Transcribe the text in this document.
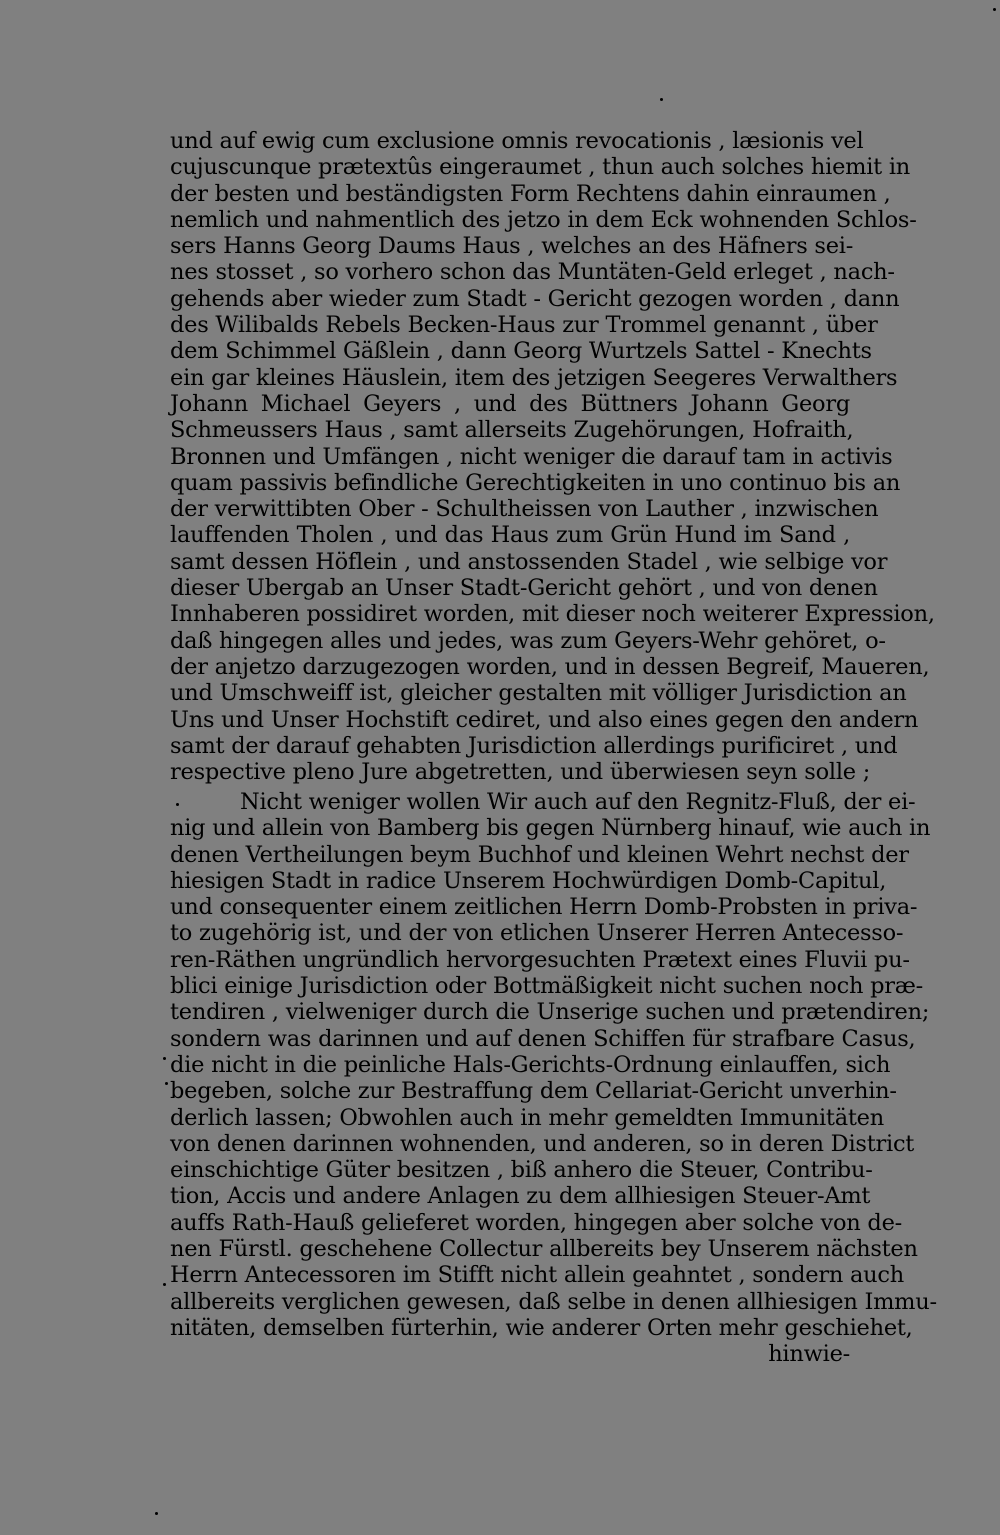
und auf ewig cum exclusione omnis revocationis , læsionis vel
cujuscunque prætextûs eingeraumet , thun auch solches hiemit in
der besten und beständigsten Form Rechtens dahin einraumen ,
nemlich und nahmentlich des jetzo in dem Eck wohnenden Schlos-
sers Hanns Georg Daums Haus , welches an des Häfners sei-
nes stosset , so vorhero schon das Muntäten-Geld erleget , nach-
gehends aber wieder zum Stadt - Gericht gezogen worden , dann
des Wilibalds Rebels Becken-Haus zur Trommel genannt , über
dem Schimmel Gäßlein , dann Georg Wurtzels Sattel - Knechts
ein gar kleines Häuslein, item des jetzigen Seegeres Verwalthers
Johann Michael Geyers , und des Büttners Johann Georg
Schmeussers Haus , samt allerseits Zugehörungen, Hofraith,
Bronnen und Umfängen , nicht weniger die darauf tam in activis
quam passivis befindliche Gerechtigkeiten in uno continuo bis an
der verwittibten Ober - Schultheissen von Lauther , inzwischen
lauffenden Tholen , und das Haus zum Grün Hund im Sand ,
samt dessen Höflein , und anstossenden Stadel , wie selbige vor
dieser Ubergab an Unser Stadt-Gericht gehört , und von denen
Innhaberen possidiret worden, mit dieser noch weiterer Expression,
daß hingegen alles und jedes, was zum Geyers-Wehr gehöret, o-
der anjetzo darzugezogen worden, und in dessen Begreif, Maueren,
und Umschweiff ist, gleicher gestalten mit völliger Jurisdiction an
Uns und Unser Hochstift cediret, und also eines gegen den andern
samt der darauf gehabten Jurisdiction allerdings purificiret , und
respective pleno Jure abgetretten, und überwiesen seyn solle ;
Nicht weniger wollen Wir auch auf den Regnitz-Fluß, der ei-
nig und allein von Bamberg bis gegen Nürnberg hinauf, wie auch in
denen Vertheilungen beym Buchhof und kleinen Wehrt nechst der
hiesigen Stadt in radice Unserem Hochwürdigen Domb-Capitul,
und consequenter einem zeitlichen Herrn Domb-Probsten in priva-
to zugehörig ist, und der von etlichen Unserer Herren Antecesso-
ren-Räthen ungründlich hervorgesuchten Prætext eines Fluvii pu-
blici einige Jurisdiction oder Bottmäßigkeit nicht suchen noch præ-
tendiren , vielweniger durch die Unserige suchen und prætendiren;
sondern was darinnen und auf denen Schiffen für strafbare Casus,
die nicht in die peinliche Hals-Gerichts-Ordnung einlauffen, sich
begeben, solche zur Bestraffung dem Cellariat-Gericht unverhin-
derlich lassen; Obwohlen auch in mehr gemeldten Immunitäten
von denen darinnen wohnenden, und anderen, so in deren District
einschichtige Güter besitzen , biß anhero die Steuer, Contribu-
tion, Accis und andere Anlagen zu dem allhiesigen Steuer-Amt
auffs Rath-Hauß gelieferet worden, hingegen aber solche von de-
nen Fürstl. geschehene Collectur allbereits bey Unserem nächsten
Herrn Antecessoren im Stifft nicht allein geahntet , sondern auch
allbereits verglichen gewesen, daß selbe in denen allhiesigen Immu-
nitäten, demselben fürterhin, wie anderer Orten mehr geschiehet,
hinwie-
